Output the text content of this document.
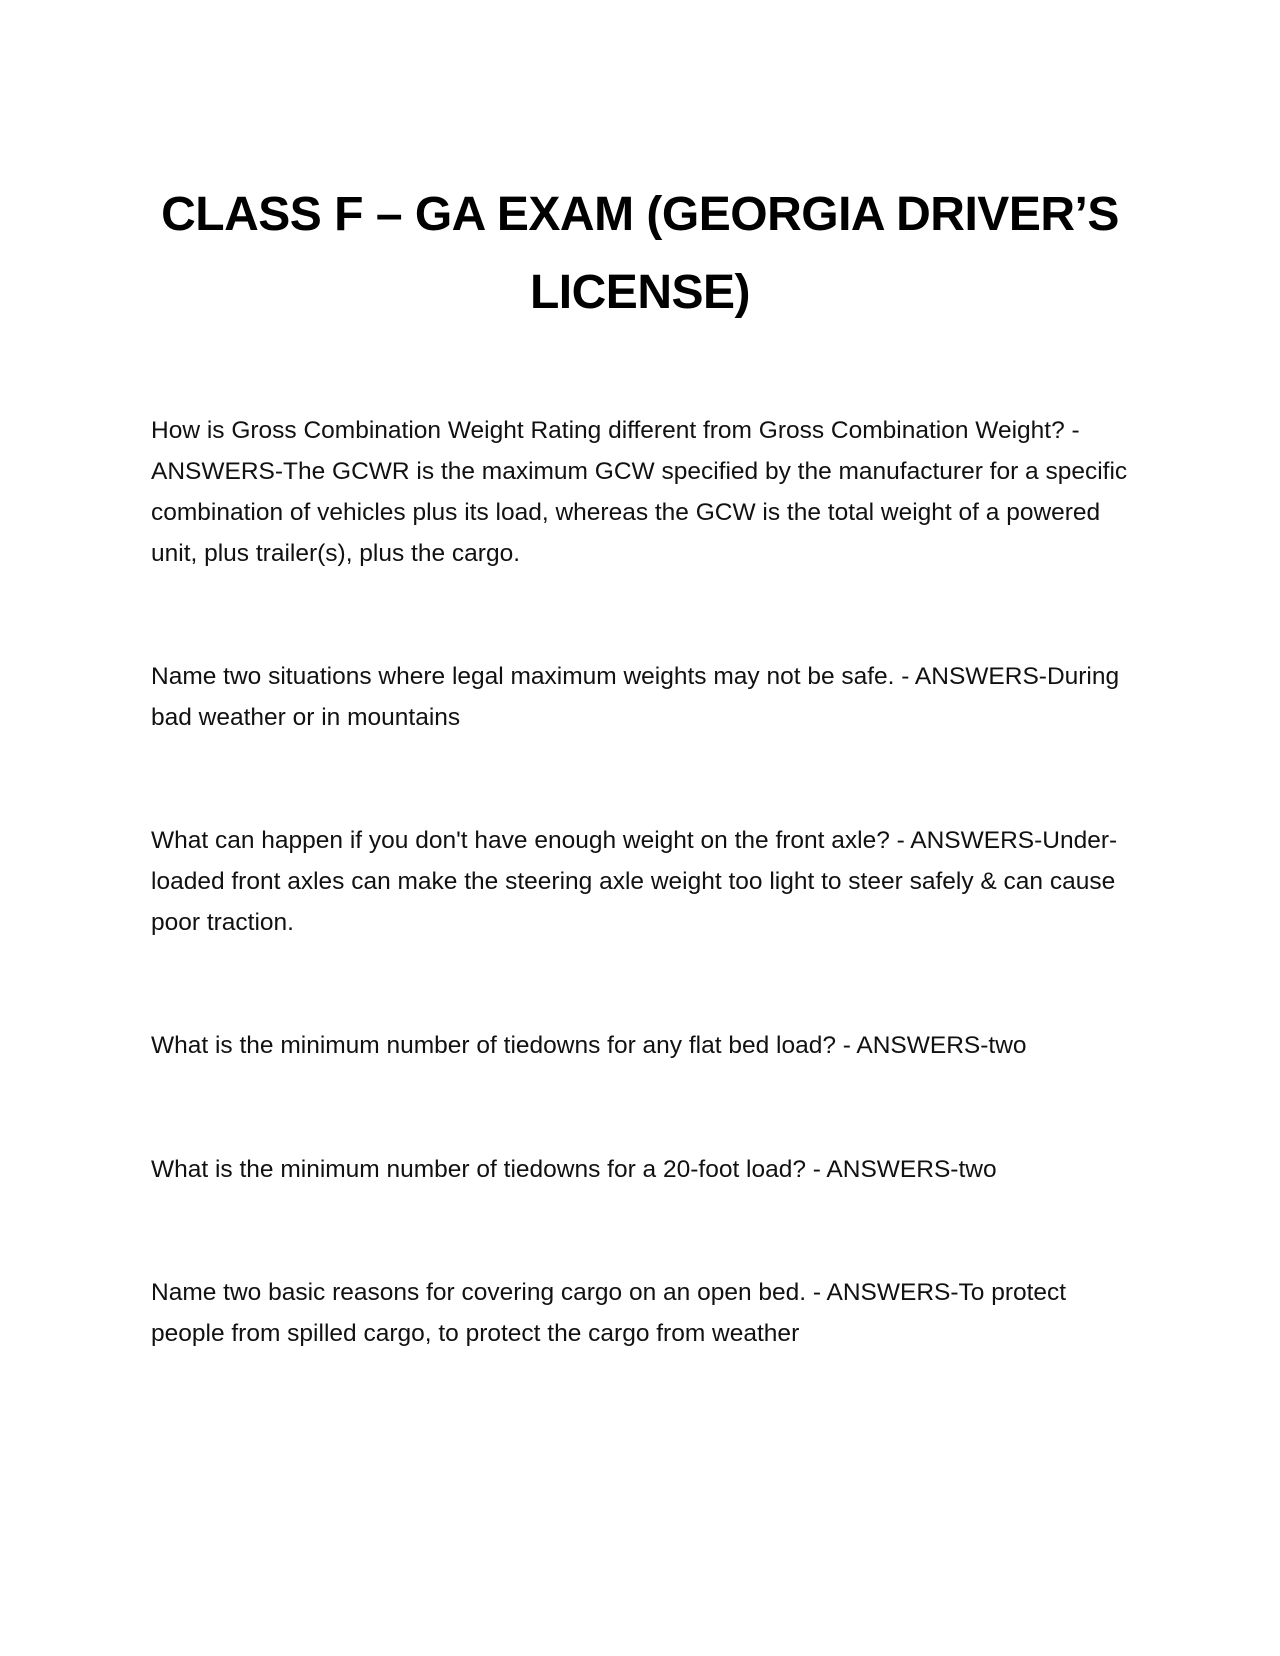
CLASS F – GA EXAM (GEORGIA DRIVER’S LICENSE)

How is Gross Combination Weight Rating different from Gross Combination Weight? - ANSWERS-The GCWR is the maximum GCW specified by the manufacturer for a specific combination of vehicles plus its load, whereas the GCW is the total weight of a powered unit, plus trailer(s), plus the cargo.

Name two situations where legal maximum weights may not be safe. - ANSWERS-During bad weather or in mountains

What can happen if you don't have enough weight on the front axle? - ANSWERS-Under-loaded front axles can make the steering axle weight too light to steer safely & can cause poor traction.

What is the minimum number of tiedowns for any flat bed load? - ANSWERS-two

What is the minimum number of tiedowns for a 20-foot load? - ANSWERS-two

Name two basic reasons for covering cargo on an open bed. - ANSWERS-To protect people from spilled cargo, to protect the cargo from weather
